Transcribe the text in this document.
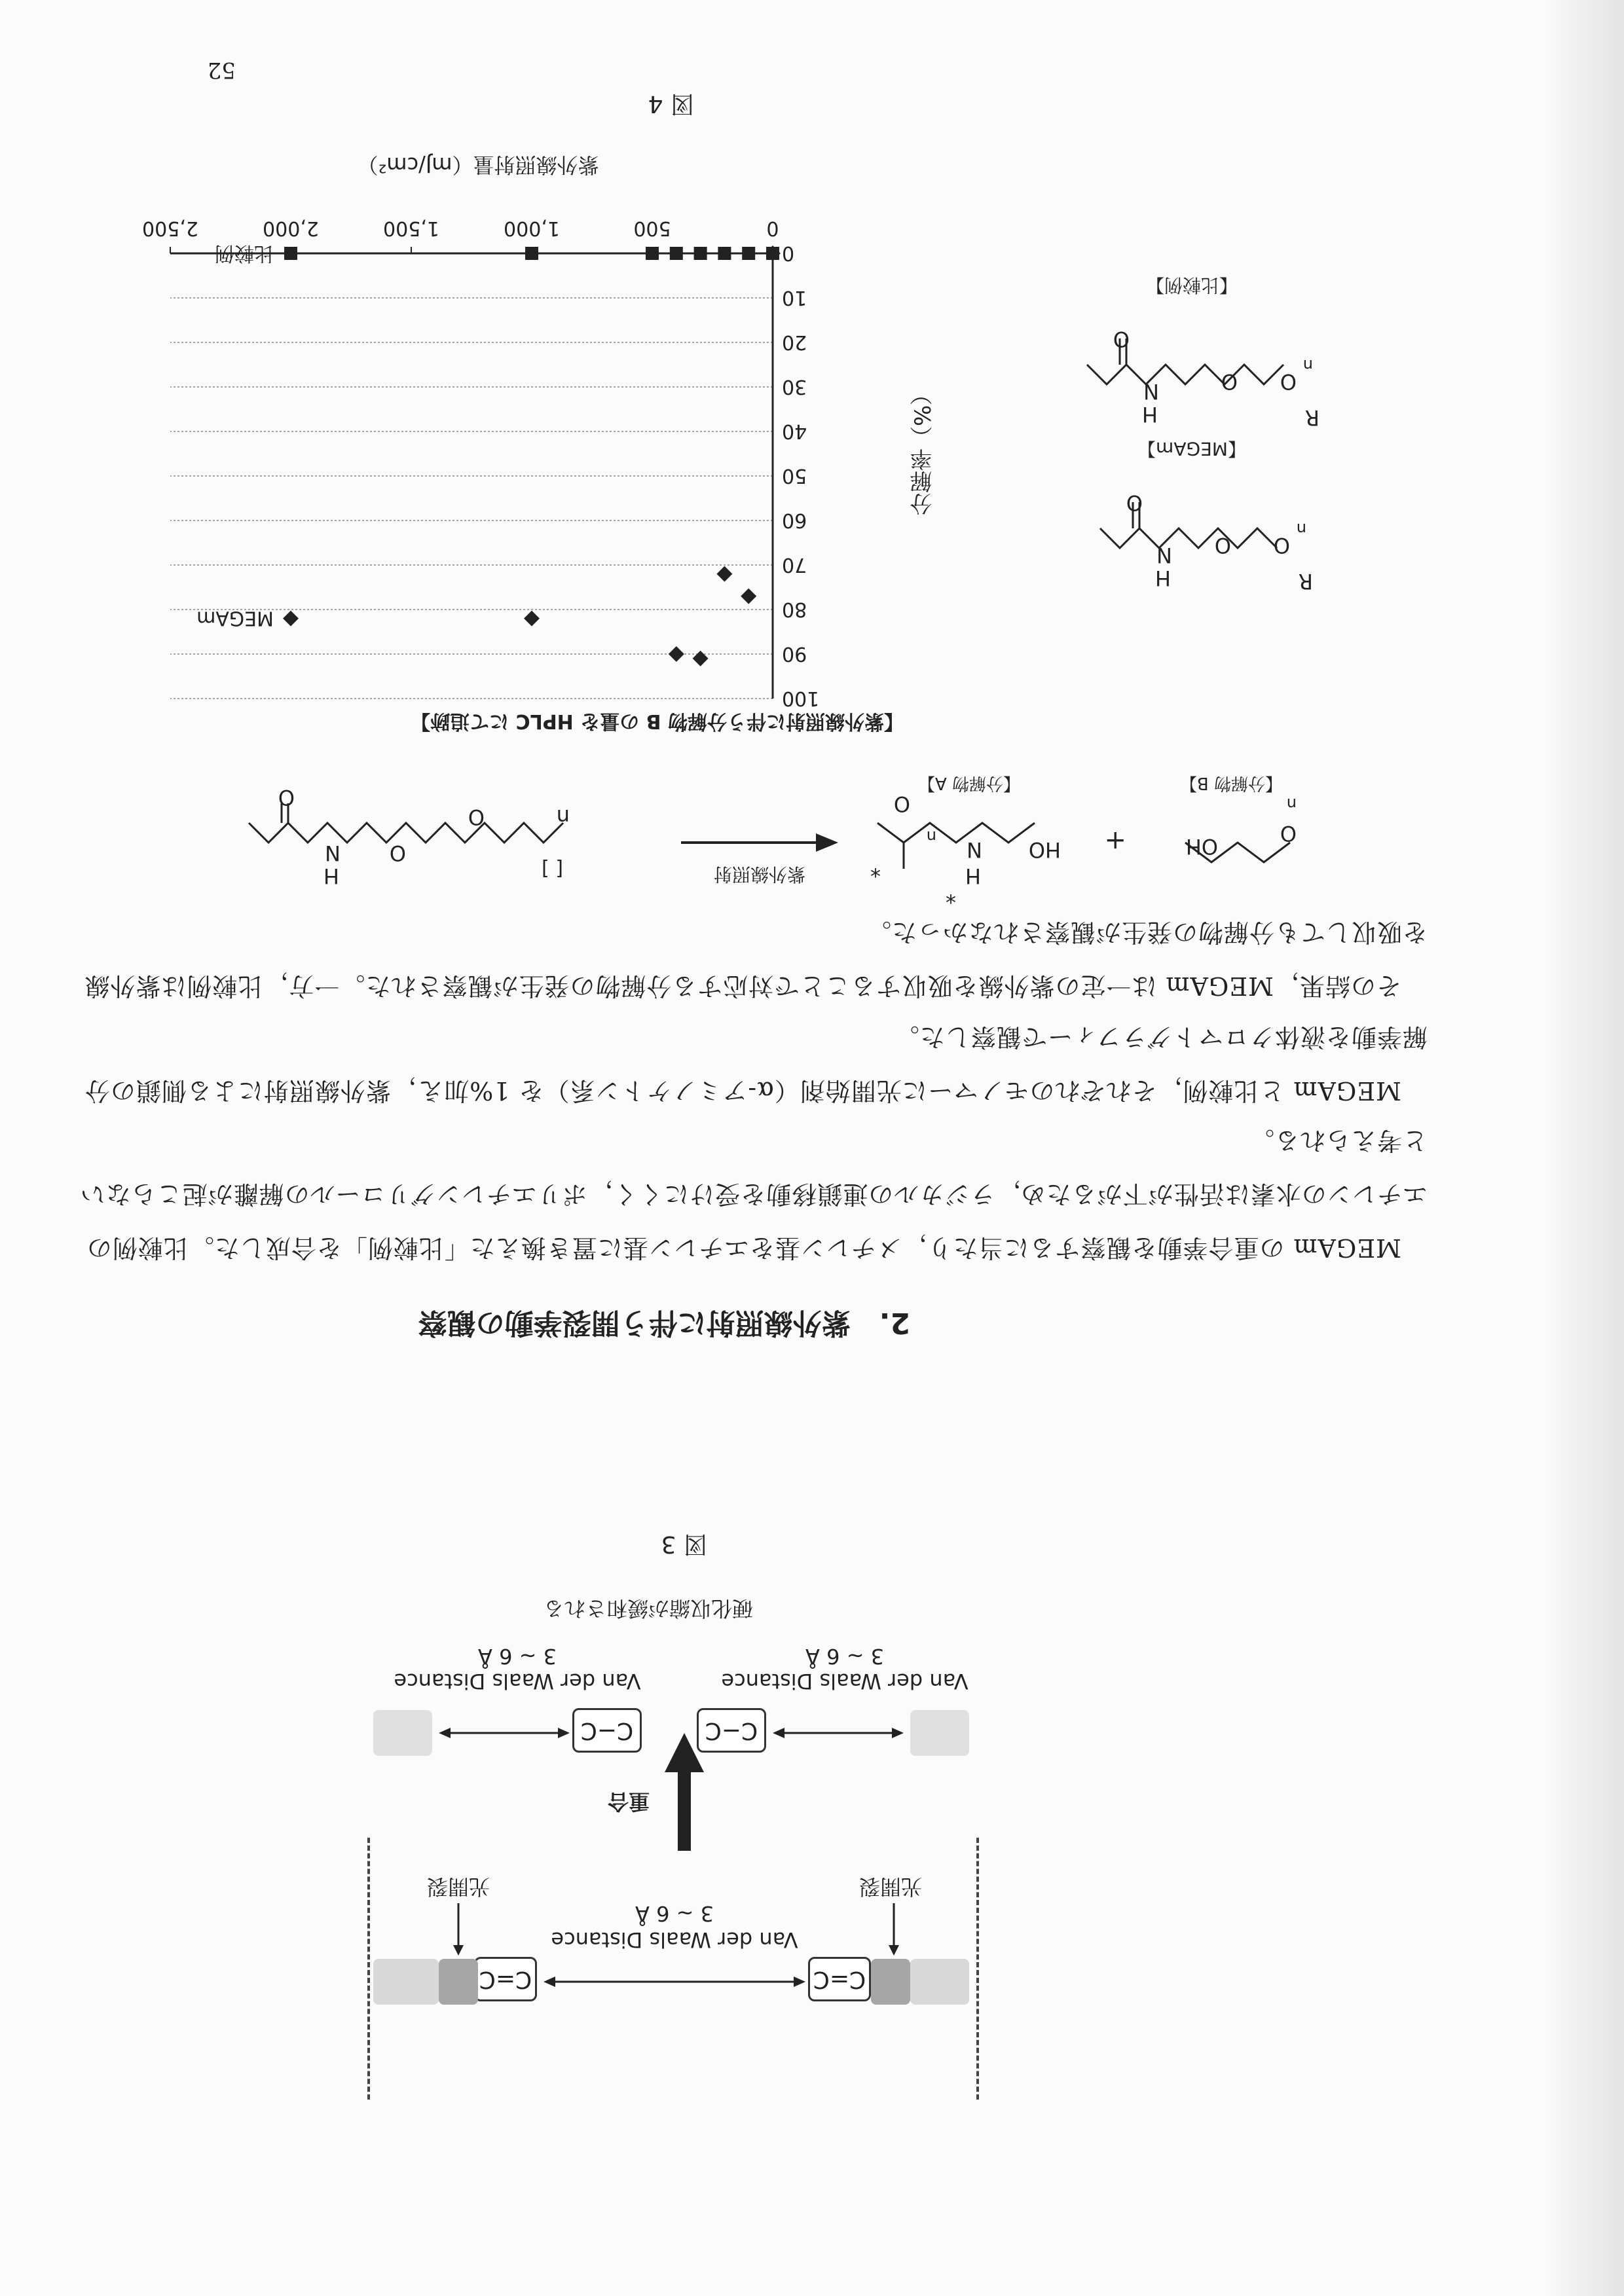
52
C=C
C=C
Van der Waals Distance
3 ~ 6 Å
光開裂
光開裂
重合
C−C
C−C
Van der Waals Distance
3 ~ 6 Å
Van der Waals Distance
3 ~ 6 Å
硬化収縮が緩和される
図 3
2.　紫外線照射に伴う開裂挙動の観察
MEGAm の重合挙動を観察するに当たり，メチレン基をエチレン基に置き換えた「比較例」を合成した。比較例のエチレンの水素は活性が下がるため，ラジカルの連鎖移動を受けにくく，ポリエチレングリコールの解離が起こらないと考えられる。
MEGAm と比較例，それぞれのモノマーに光開始剤（α-アミノケトン系）を 1%加え，紫外線照射による側鎖の分解挙動を液体クロマトグラフィーで観察した。
その結果，MEGAm は一定の紫外線を吸収することで対応する分解物の発生が観察された。一方，比較例は紫外線を吸収しても分解物の発生が観察されなかった。
[ ]
O
N
H
O
O	n
紫外線照射
HO
N
H
O
n
*
*
+	OH
O
n
【分解物 A】	【分解物 B】
【紫外線照射に伴う分解物 B の量を HPLC にて追跡】
0
10
20
30
40
50
60
70
80
90
100
0
500
1,000
1,500
2,000
2,500
MEGAm
比較例
分解率（%）
紫外線照射量（mJ/cm²）
図 4
O
N
H
O O
R
n
【MEGAm】
O
N
H
O O
R
n
【比較例】
